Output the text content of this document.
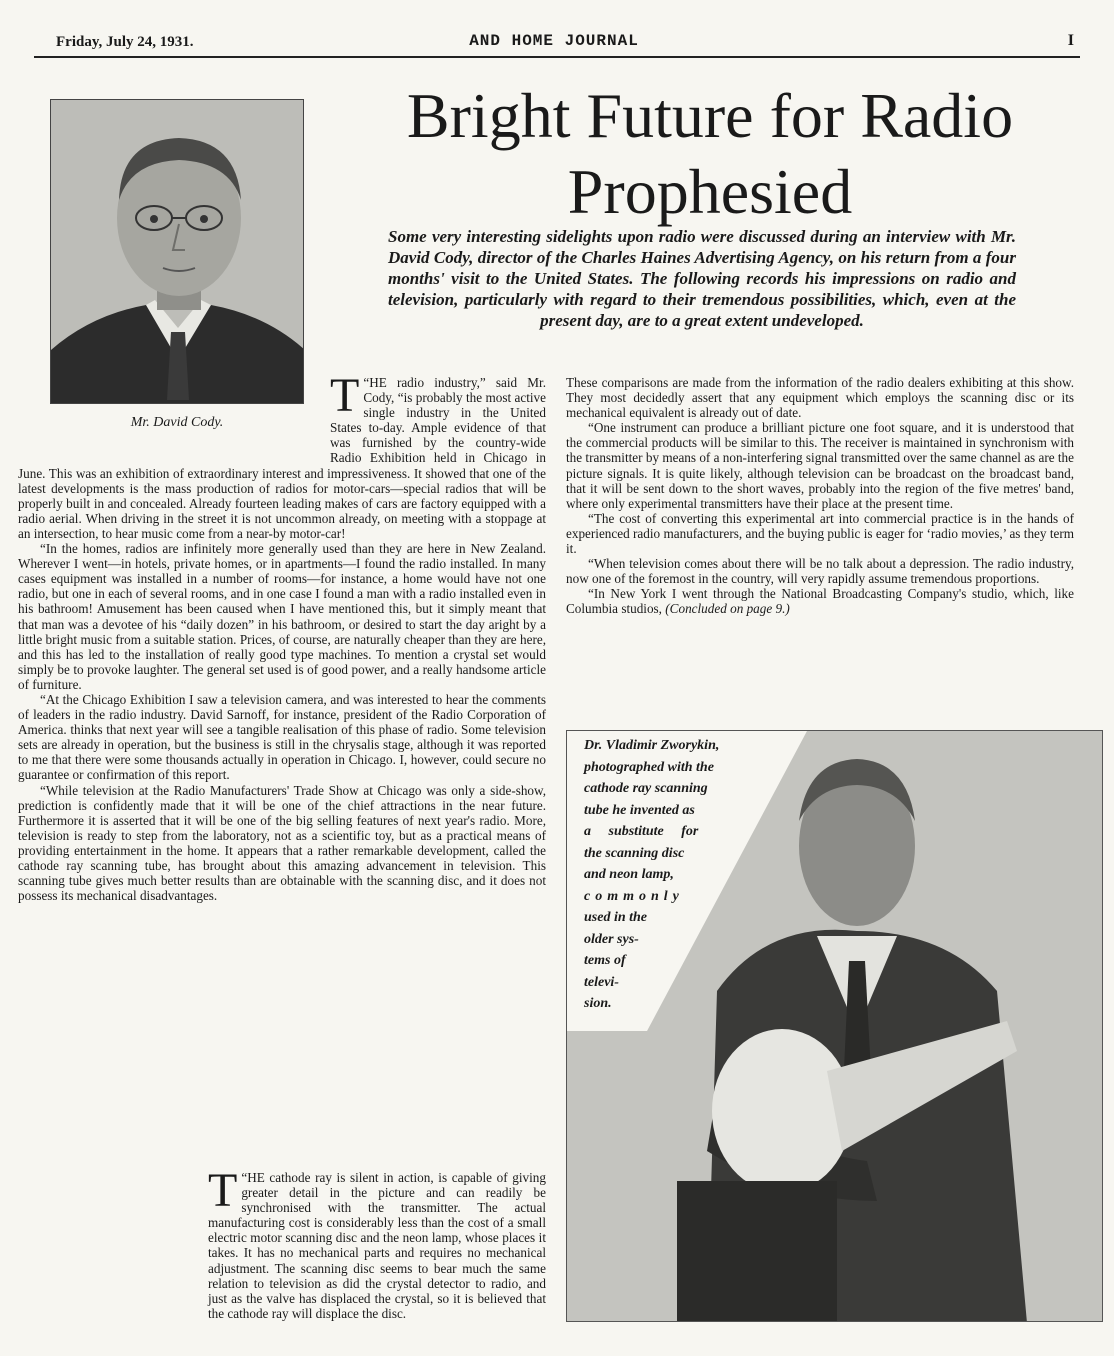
Friday, July 24, 1931.	AND HOME JOURNAL	I
Mr. David Cody.
Bright Future for Radio
Prophesied

Some very interesting sidelights upon radio were discussed during an interview with Mr. David Cody, director of the Charles Haines Advertising Agency, on his return from a four months' visit to the United States. The following records his impressions on radio and television, particularly with regard to their tremendous possibilities, which, even at the present day, are to a great extent undeveloped.

“
T HE radio industry,” said Mr. Cody, “is probably the most active single industry in the United States to-day. Ample evidence of that was furnished by the country-wide Radio Exhibition held in Chicago in June. This was an exhibition of extraordinary interest and impressiveness. It showed that one of the latest developments is the mass production of radios for motor-cars—special radios that will be properly built in and concealed. Already fourteen leading makes of cars are factory equipped with a radio aerial. When driving in the street it is not uncommon already, on meeting with a stoppage at an intersection, to hear music come from a near-by motor-car!

“In the homes, radios are infinitely more generally used than they are here in New Zealand. Wherever I went—in hotels, private homes, or in apartments—I found the radio installed. In many cases equipment was installed in a number of rooms—for instance, a home would have not one radio, but one in each of several rooms, and in one case I found a man with a radio installed even in his bathroom! Amusement has been caused when I have mentioned this, but it simply meant that that man was a devotee of his “daily dozen” in his bathroom, or desired to start the day aright by a little bright music from a suitable station. Prices, of course, are naturally cheaper than they are here, and this has led to the installation of really good type machines. To mention a crystal set would simply be to provoke laughter. The general set used is of good power, and a really handsome article of furniture.

“At the Chicago Exhibition I saw a television camera, and was interested to hear the comments of leaders in the radio industry. David Sarnoff, for instance, president of the Radio Corporation of America. thinks that next year will see a tangible realisation of this phase of radio. Some television sets are already in operation, but the business is still in the chrysalis stage, although it was reported to me that there were some thousands actually in operation in Chicago. I, however, could secure no guarantee or confirmation of this report.

“While television at the Radio Manufacturers' Trade Show at Chicago was only a side-show, prediction is confidently made that it will be one of the chief attractions in the near future. Furthermore it is asserted that it will be one of the big selling features of next year's radio. More, television is ready to step from the laboratory, not as a scientific toy, but as a practical means of providing entertainment in the home. It appears that a rather remarkable development, called the cathode ray scanning tube, has brought about this amazing advancement in television. This scanning tube gives much better results than are obtainable with the scanning disc, and it does not possess its mechanical disadvantages.

“
T HE cathode ray is silent in action, is capable of giving greater detail in the picture and can readily be synchronised with the transmitter. The actual manufacturing cost is considerably less than the cost of a small electric motor scanning disc and the neon lamp, whose places it takes. It has no mechanical parts and requires no mechanical adjustment. The scanning disc seems to bear much the same relation to television as did the crystal detector to radio, and just as the valve has displaced the crystal, so it is believed that the cathode ray will displace the disc.

These comparisons are made from the information of the radio dealers exhibiting at this show. They most decidedly assert that any equipment which employs the scanning disc or its mechanical equivalent is already out of date.

“One instrument can produce a brilliant picture one foot square, and it is understood that the commercial products will be similar to this. The receiver is maintained in synchronism with the transmitter by means of a non-interfering signal transmitted over the same channel as are the picture signals. It is quite likely, although television can be broadcast on the broadcast band, that it will be sent down to the short waves, probably into the region of the five metres' band, where only experimental transmitters have their place at the present time.

“The cost of converting this experimental art into commercial practice is in the hands of experienced radio manufacturers, and the buying public is eager for ‘radio movies,’ as they term it.

“When television comes about there will be no talk about a depression. The radio industry, now one of the foremost in the country, will very rapidly assume tremendous proportions.

“In New York I went through the National Broadcasting Company's studio, which, like Columbia studios, (Concluded on page 9.)

Dr. Vladimir Zworykin,
photographed with the
cathode ray scanning
tube he invented as
a substitute for
the scanning disc
and neon lamp,
commonly
used in the
older sys-
tems of
televi-
sion.
